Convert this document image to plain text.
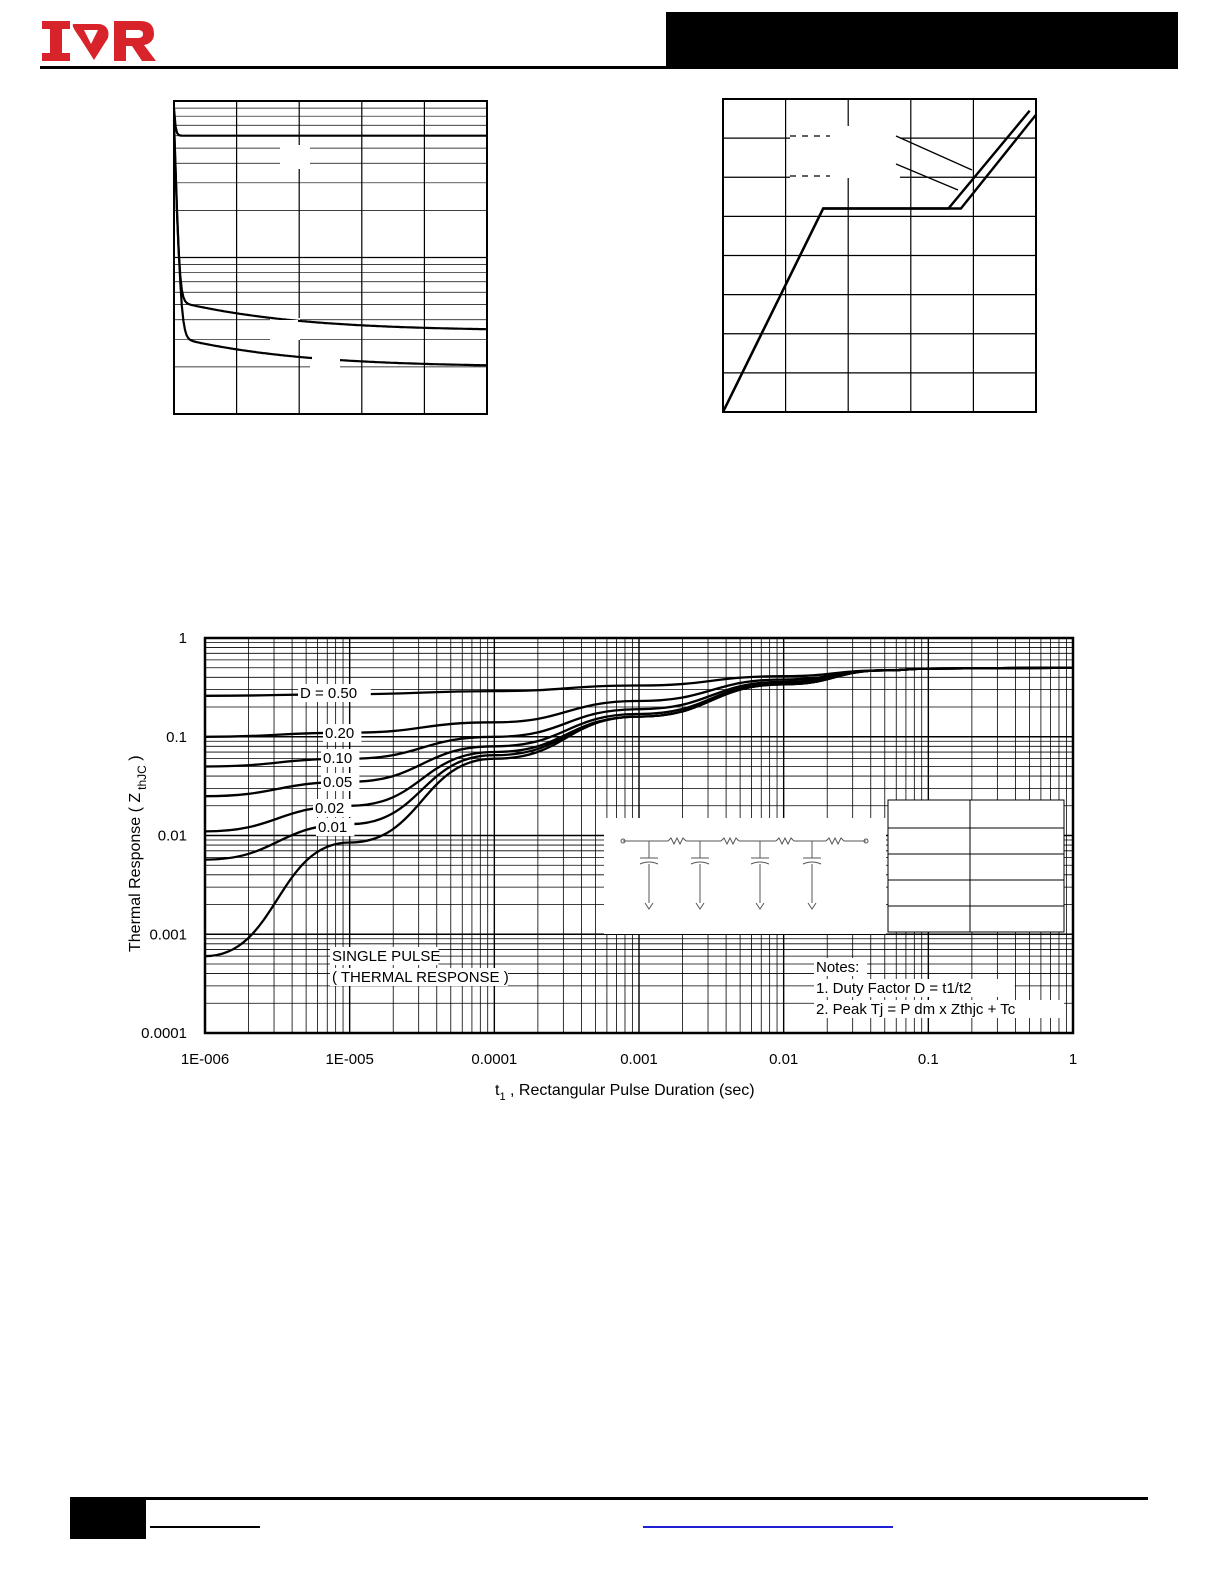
D = 0.50
0.20
0.10
0.05
0.02
0.01
SINGLE PULSE
( THERMAL RESPONSE )
Notes:
1. Duty Factor D = t1/t2
2. Peak Tj = P dm x Zthjc + Tc
0.0001
0.001
0.01
0.1
1
1E-006	1E-005	0.0001	0.001	0.01	0.1	1
$t_1$ , Rectangular Pulse Duration (sec)
Thermal Response ( $Z_{thJC}$ )
